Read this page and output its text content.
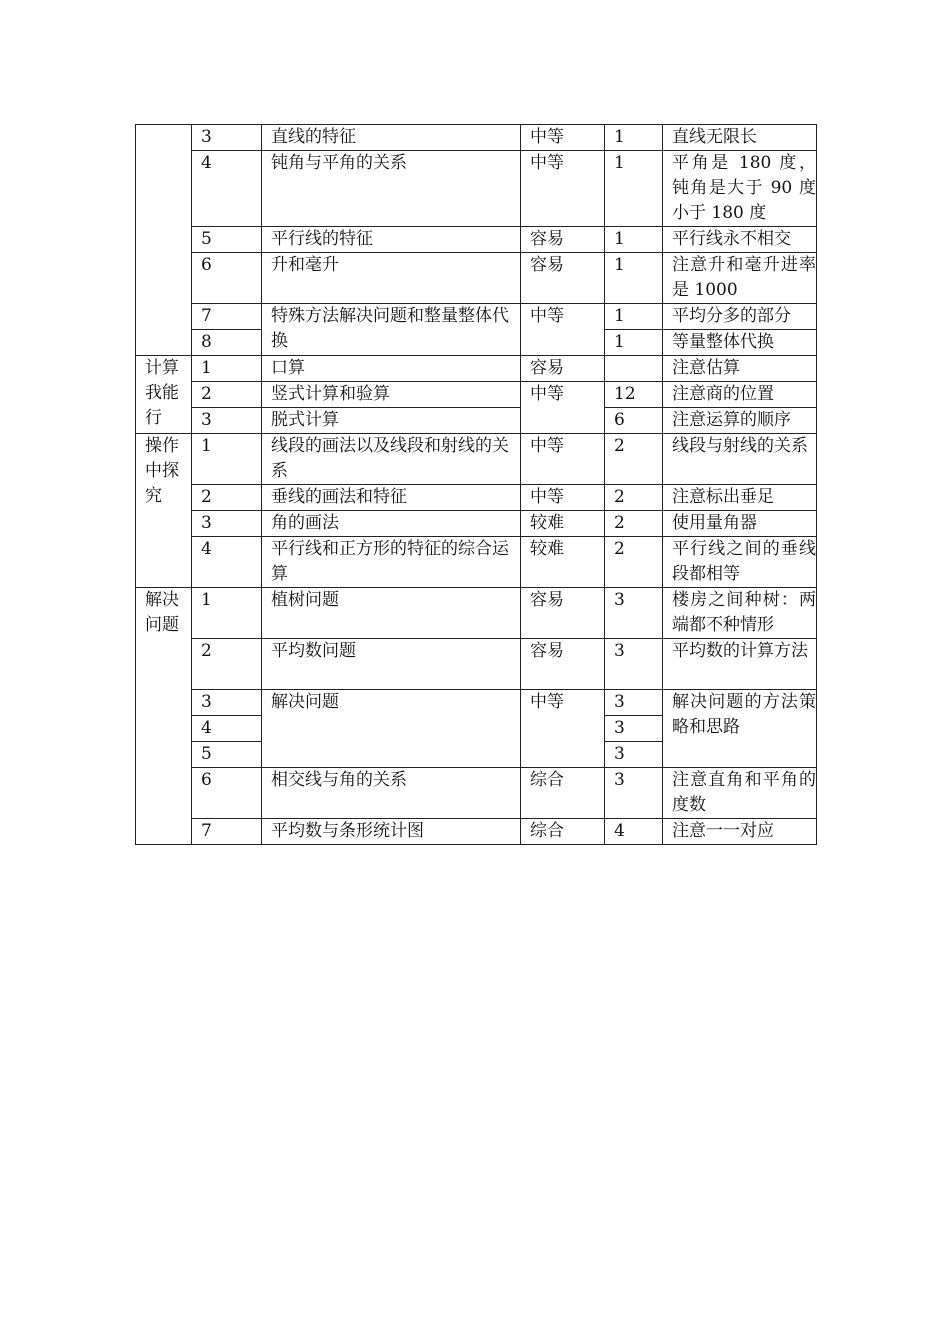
	3	直线的特征	中等	1	直线无限长
	4	钝角与平角的关系	中等	1	平角是 180 度，钝角是大于 90 度小于 180 度
	5	平行线的特征	容易	1	平行线永不相交
	6	升和毫升	容易	1	注意升和毫升进率是 1000
	7	特殊方法解决问题和整量整体代换	中等	1	平均分多的部分
	8			1	等量整体代换
计算我能行	1	口算	容易		注意估算
	2	竖式计算和验算	中等	12	注意商的位置
	3	脱式计算		6	注意运算的顺序
操作中探究	1	线段的画法以及线段和射线的关系	中等	2	线段与射线的关系
	2	垂线的画法和特征	中等	2	注意标出垂足
	3	角的画法	较难	2	使用量角器
	4	平行线和正方形的特征的综合运算	较难	2	平行线之间的垂线段都相等
解决问题	1	植树问题	容易	3	楼房之间种树：两端都不种情形
	2	平均数问题	容易	3	平均数的计算方法
	3	解决问题	中等	3	解决问题的方法策略和思路
	4			3	
	5			3	
	6	相交线与角的关系	综合	3	注意直角和平角的度数
	7	平均数与条形统计图	综合	4	注意一一对应
